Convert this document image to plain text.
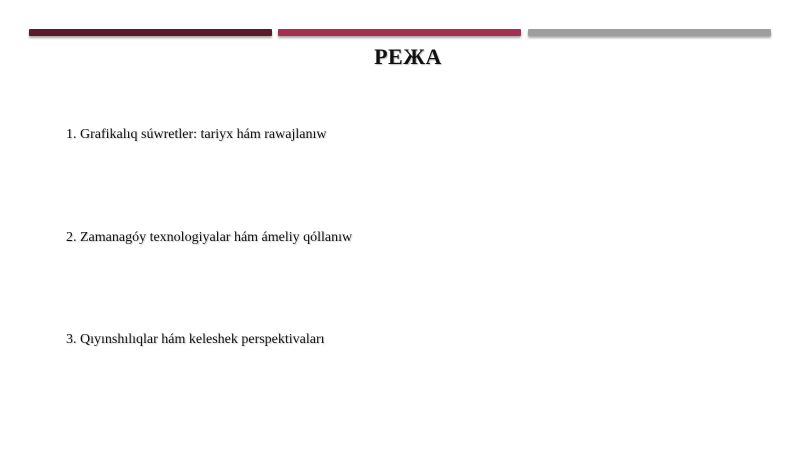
РЕЖА
1. Grafikalıq súwretler: tariyx hám rawajlanıw
2. Zamanagóy texnologiyalar hám ámeliy qóllanıw
3. Qıyınshılıqlar hám keleshek perspektivaları
